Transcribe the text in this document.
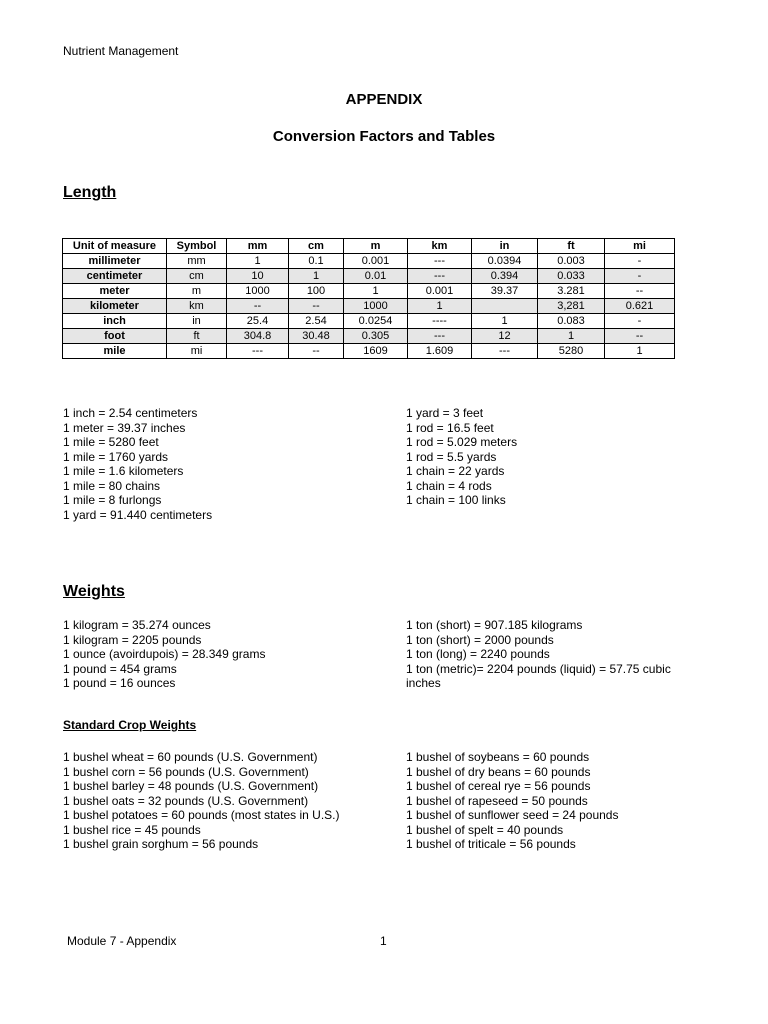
Nutrient Management
APPENDIX
Conversion Factors and Tables
Length
Unit of measure	Symbol	mm	cm	m	km	in	ft	mi
millimeter	mm	1	0.1	0.001	---	0.0394	0.003	-
centimeter	cm	10	1	0.01	---	0.394	0.033	-
meter	m	1000	100	1	0.001	39.37	3.281	--
kilometer	km	--	--	1000	1		3,281	0.621
inch	in	25.4	2.54	0.0254	----	1	0.083	-
foot	ft	304.8	30.48	0.305	---	12	1	--
mile	mi	---	--	1609	1.609	---	5280	1
1 inch = 2.54 centimeters
1 meter = 39.37 inches
1 mile = 5280 feet
1 mile = 1760 yards
1 mile = 1.6 kilometers
1 mile = 80 chains
1 mile = 8 furlongs
1 yard = 91.440 centimeters
1 yard = 3 feet
1 rod = 16.5 feet
1 rod = 5.029 meters
1 rod = 5.5 yards
1 chain = 22 yards
1 chain = 4 rods
1 chain = 100 links
Weights
1 kilogram = 35.274 ounces
1 kilogram = 2205 pounds
1 ounce (avoirdupois) = 28.349 grams
1 pound = 454 grams
1 pound = 16 ounces
1 ton (short) = 907.185 kilograms
1 ton (short) = 2000 pounds
1 ton (long) = 2240 pounds
1 ton (metric)= 2204 pounds (liquid) = 57.75 cubic
inches
Standard Crop Weights
1 bushel wheat = 60 pounds (U.S. Government)
1 bushel corn = 56 pounds (U.S. Government)
1 bushel barley = 48 pounds (U.S. Government)
1 bushel oats = 32 pounds (U.S. Government)
1 bushel potatoes = 60 pounds (most states in U.S.)
1 bushel rice = 45 pounds
1 bushel grain sorghum = 56 pounds
1 bushel of soybeans = 60 pounds
1 bushel of dry beans = 60 pounds
1 bushel of cereal rye = 56 pounds
1 bushel of rapeseed = 50 pounds
1 bushel of sunflower seed = 24 pounds
1 bushel of spelt = 40 pounds
1 bushel of triticale = 56 pounds
Module 7 - Appendix	1
